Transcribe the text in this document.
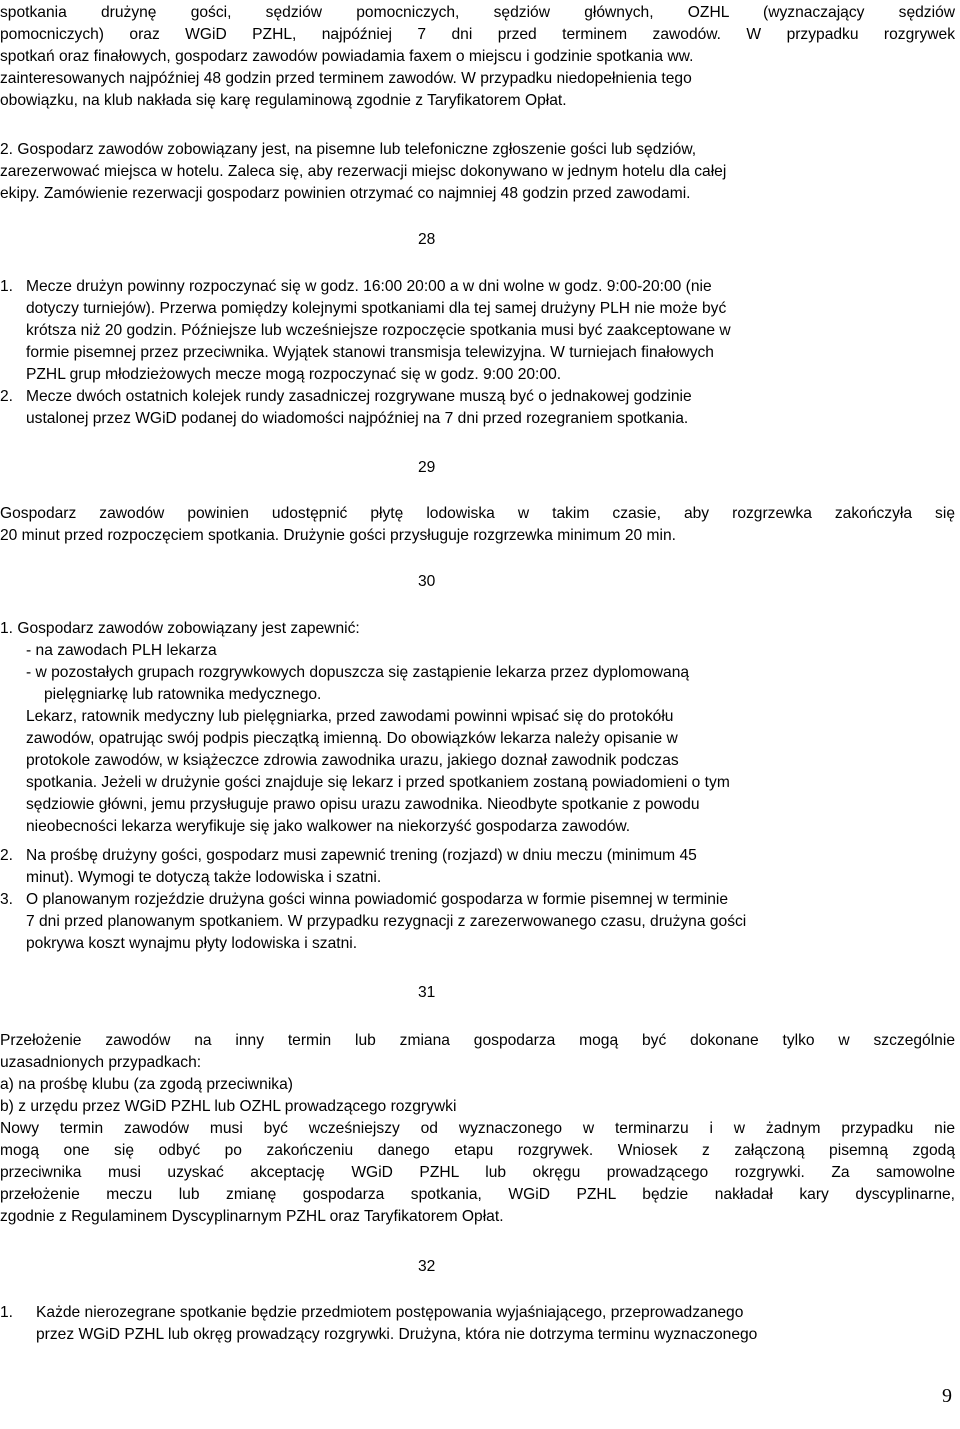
spotkania drużynę gości, sędziów pomocniczych, sędziów głównych, OZHL (wyznaczający sędziów
pomocniczych) oraz WGiD PZHL, najpóźniej 7 dni przed terminem zawodów. W przypadku rozgrywek
spotkań oraz finałowych, gospodarz zawodów powiadamia faxem o miejscu i godzinie spotkania ww.
zainteresowanych najpóźniej 48 godzin przed terminem zawodów. W przypadku niedopełnienia tego
obowiązku, na klub nakłada się karę regulaminową zgodnie z Taryfikatorem Opłat.
2. Gospodarz zawodów zobowiązany jest, na pisemne lub telefoniczne zgłoszenie gości lub sędziów,
zarezerwować miejsca w hotelu. Zaleca się, aby rezerwacji miejsc dokonywano w jednym hotelu dla całej
ekipy. Zamówienie rezerwacji gospodarz powinien otrzymać co najmniej 48 godzin przed zawodami.
28
1. Mecze drużyn powinny rozpoczynać się w godz. 16:00 20:00 a w dni wolne w godz. 9:00-20:00 (nie
dotyczy turniejów). Przerwa pomiędzy kolejnymi spotkaniami dla tej samej drużyny PLH nie może być
krótsza niż 20 godzin. Późniejsze lub wcześniejsze rozpoczęcie spotkania musi być zaakceptowane w
formie pisemnej przez przeciwnika. Wyjątek stanowi transmisja telewizyjna. W turniejach finałowych
PZHL grup młodzieżowych mecze mogą rozpoczynać się w godz. 9:00 20:00.
2. Mecze dwóch ostatnich kolejek rundy zasadniczej rozgrywane muszą być o jednakowej godzinie
ustalonej przez WGiD podanej do wiadomości najpóźniej na 7 dni przed rozegraniem spotkania.
29
Gospodarz zawodów powinien udostępnić płytę lodowiska w takim czasie, aby rozgrzewka zakończyła się
20 minut przed rozpoczęciem spotkania. Drużynie gości przysługuje rozgrzewka minimum 20 min.
30
1. Gospodarz zawodów zobowiązany jest zapewnić:
- na zawodach PLH lekarza
- w pozostałych grupach rozgrywkowych dopuszcza się zastąpienie lekarza przez dyplomowaną
pielęgniarkę lub ratownika medycznego.
Lekarz, ratownik medyczny lub pielęgniarka, przed zawodami powinni wpisać się do protokółu
zawodów, opatrując swój podpis pieczątką imienną. Do obowiązków lekarza należy opisanie w
protokole zawodów, w książeczce zdrowia zawodnika urazu, jakiego doznał zawodnik podczas
spotkania. Jeżeli w drużynie gości znajduje się lekarz i przed spotkaniem zostaną powiadomieni o tym
sędziowie główni, jemu przysługuje prawo opisu urazu zawodnika. Nieodbyte spotkanie z powodu
nieobecności lekarza weryfikuje się jako walkower na niekorzyść gospodarza zawodów.
2. Na prośbę drużyny gości, gospodarz musi zapewnić trening (rozjazd) w dniu meczu (minimum 45
minut). Wymogi te dotyczą także lodowiska i szatni.
3. O planowanym rozjeździe drużyna gości winna powiadomić gospodarza w formie pisemnej w terminie
7 dni przed planowanym spotkaniem. W przypadku rezygnacji z zarezerwowanego czasu, drużyna gości
pokrywa koszt wynajmu płyty lodowiska i szatni.
31
Przełożenie zawodów na inny termin lub zmiana gospodarza mogą być dokonane tylko w szczególnie
uzasadnionych przypadkach:
a) na prośbę klubu (za zgodą przeciwnika)
b) z urzędu przez WGiD PZHL lub OZHL prowadzącego rozgrywki
Nowy termin zawodów musi być wcześniejszy od wyznaczonego w terminarzu i w żadnym przypadku nie
mogą one się odbyć po zakończeniu danego etapu rozgrywek. Wniosek z załączoną pisemną zgodą
przeciwnika musi uzyskać akceptację WGiD PZHL lub okręgu prowadzącego rozgrywki. Za samowolne
przełożenie meczu lub zmianę gospodarza spotkania, WGiD PZHL będzie nakładał kary dyscyplinarne,
zgodnie z Regulaminem Dyscyplinarnym PZHL oraz Taryfikatorem Opłat.
32
1. Każde nierozegrane spotkanie będzie przedmiotem postępowania wyjaśniającego, przeprowadzanego
przez WGiD PZHL lub okręg prowadzący rozgrywki. Drużyna, która nie dotrzyma terminu wyznaczonego
9
